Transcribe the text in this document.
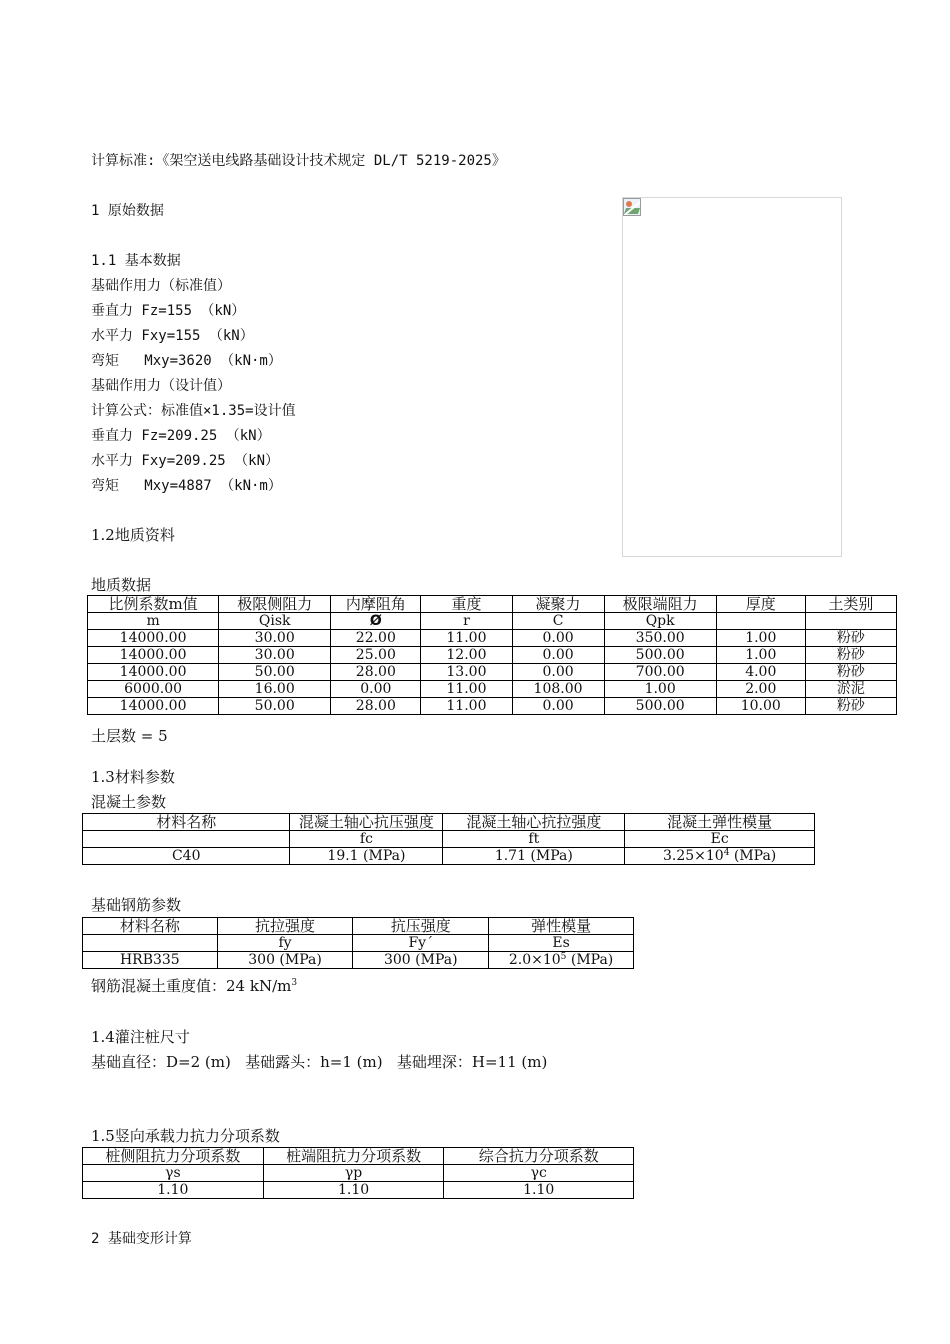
计算标准:《架空送电线路基础设计技术规定 DL/T 5219-2025》
1 原始数据
1.1 基本数据
基础作用力（标准值）
垂直力 Fz=155 （kN）
水平力 Fxy=155 （kN）
弯矩   Mxy=3620 （kN·m）
基础作用力（设计值）
计算公式：标准值×1.35=设计值
垂直力 Fz=209.25 （kN）
水平力 Fxy=209.25 （kN）
弯矩   Mxy=4887 （kN·m）
1.2地质资料
地质数据
比例系数m值	极限侧阻力	内摩阻角	重度	凝聚力	极限端阻力	厚度	土类别
m	Qisk	Ø	r	C	Qpk		
14000.00	30.00	22.00	11.00	0.00	350.00	1.00	粉砂
14000.00	30.00	25.00	12.00	0.00	500.00	1.00	粉砂
14000.00	50.00	28.00	13.00	0.00	700.00	4.00	粉砂
6000.00	16.00	0.00	11.00	108.00	1.00	2.00	淤泥
14000.00	50.00	28.00	11.00	0.00	500.00	10.00	粉砂
土层数 = 5
1.3材料参数
混凝土参数
材料名称	混凝土轴心抗压强度	混凝土轴心抗拉强度	混凝土弹性模量
	fc	ft	Ec
C40	19.1 (MPa)	1.71 (MPa)	$3.25\times 10^4$ (MPa)
基础钢筋参数
材料名称	抗拉强度	抗压强度	弹性模量
	fy	Fy´	Es
HRB335	300 (MPa)	300 (MPa)	$2.0\times 10^5$ (MPa)
钢筋混凝土重度值：24 $kN/m^3$
1.4灌注桩尺寸
基础直径：D=2 (m)   基础露头：h=1 (m)   基础埋深：H=11 (m)
1.5竖向承载力抗力分项系数
桩侧阻抗力分项系数	桩端阻抗力分项系数	综合抗力分项系数
γs	γp	γc
1.10	1.10	1.10
2 基础变形计算
